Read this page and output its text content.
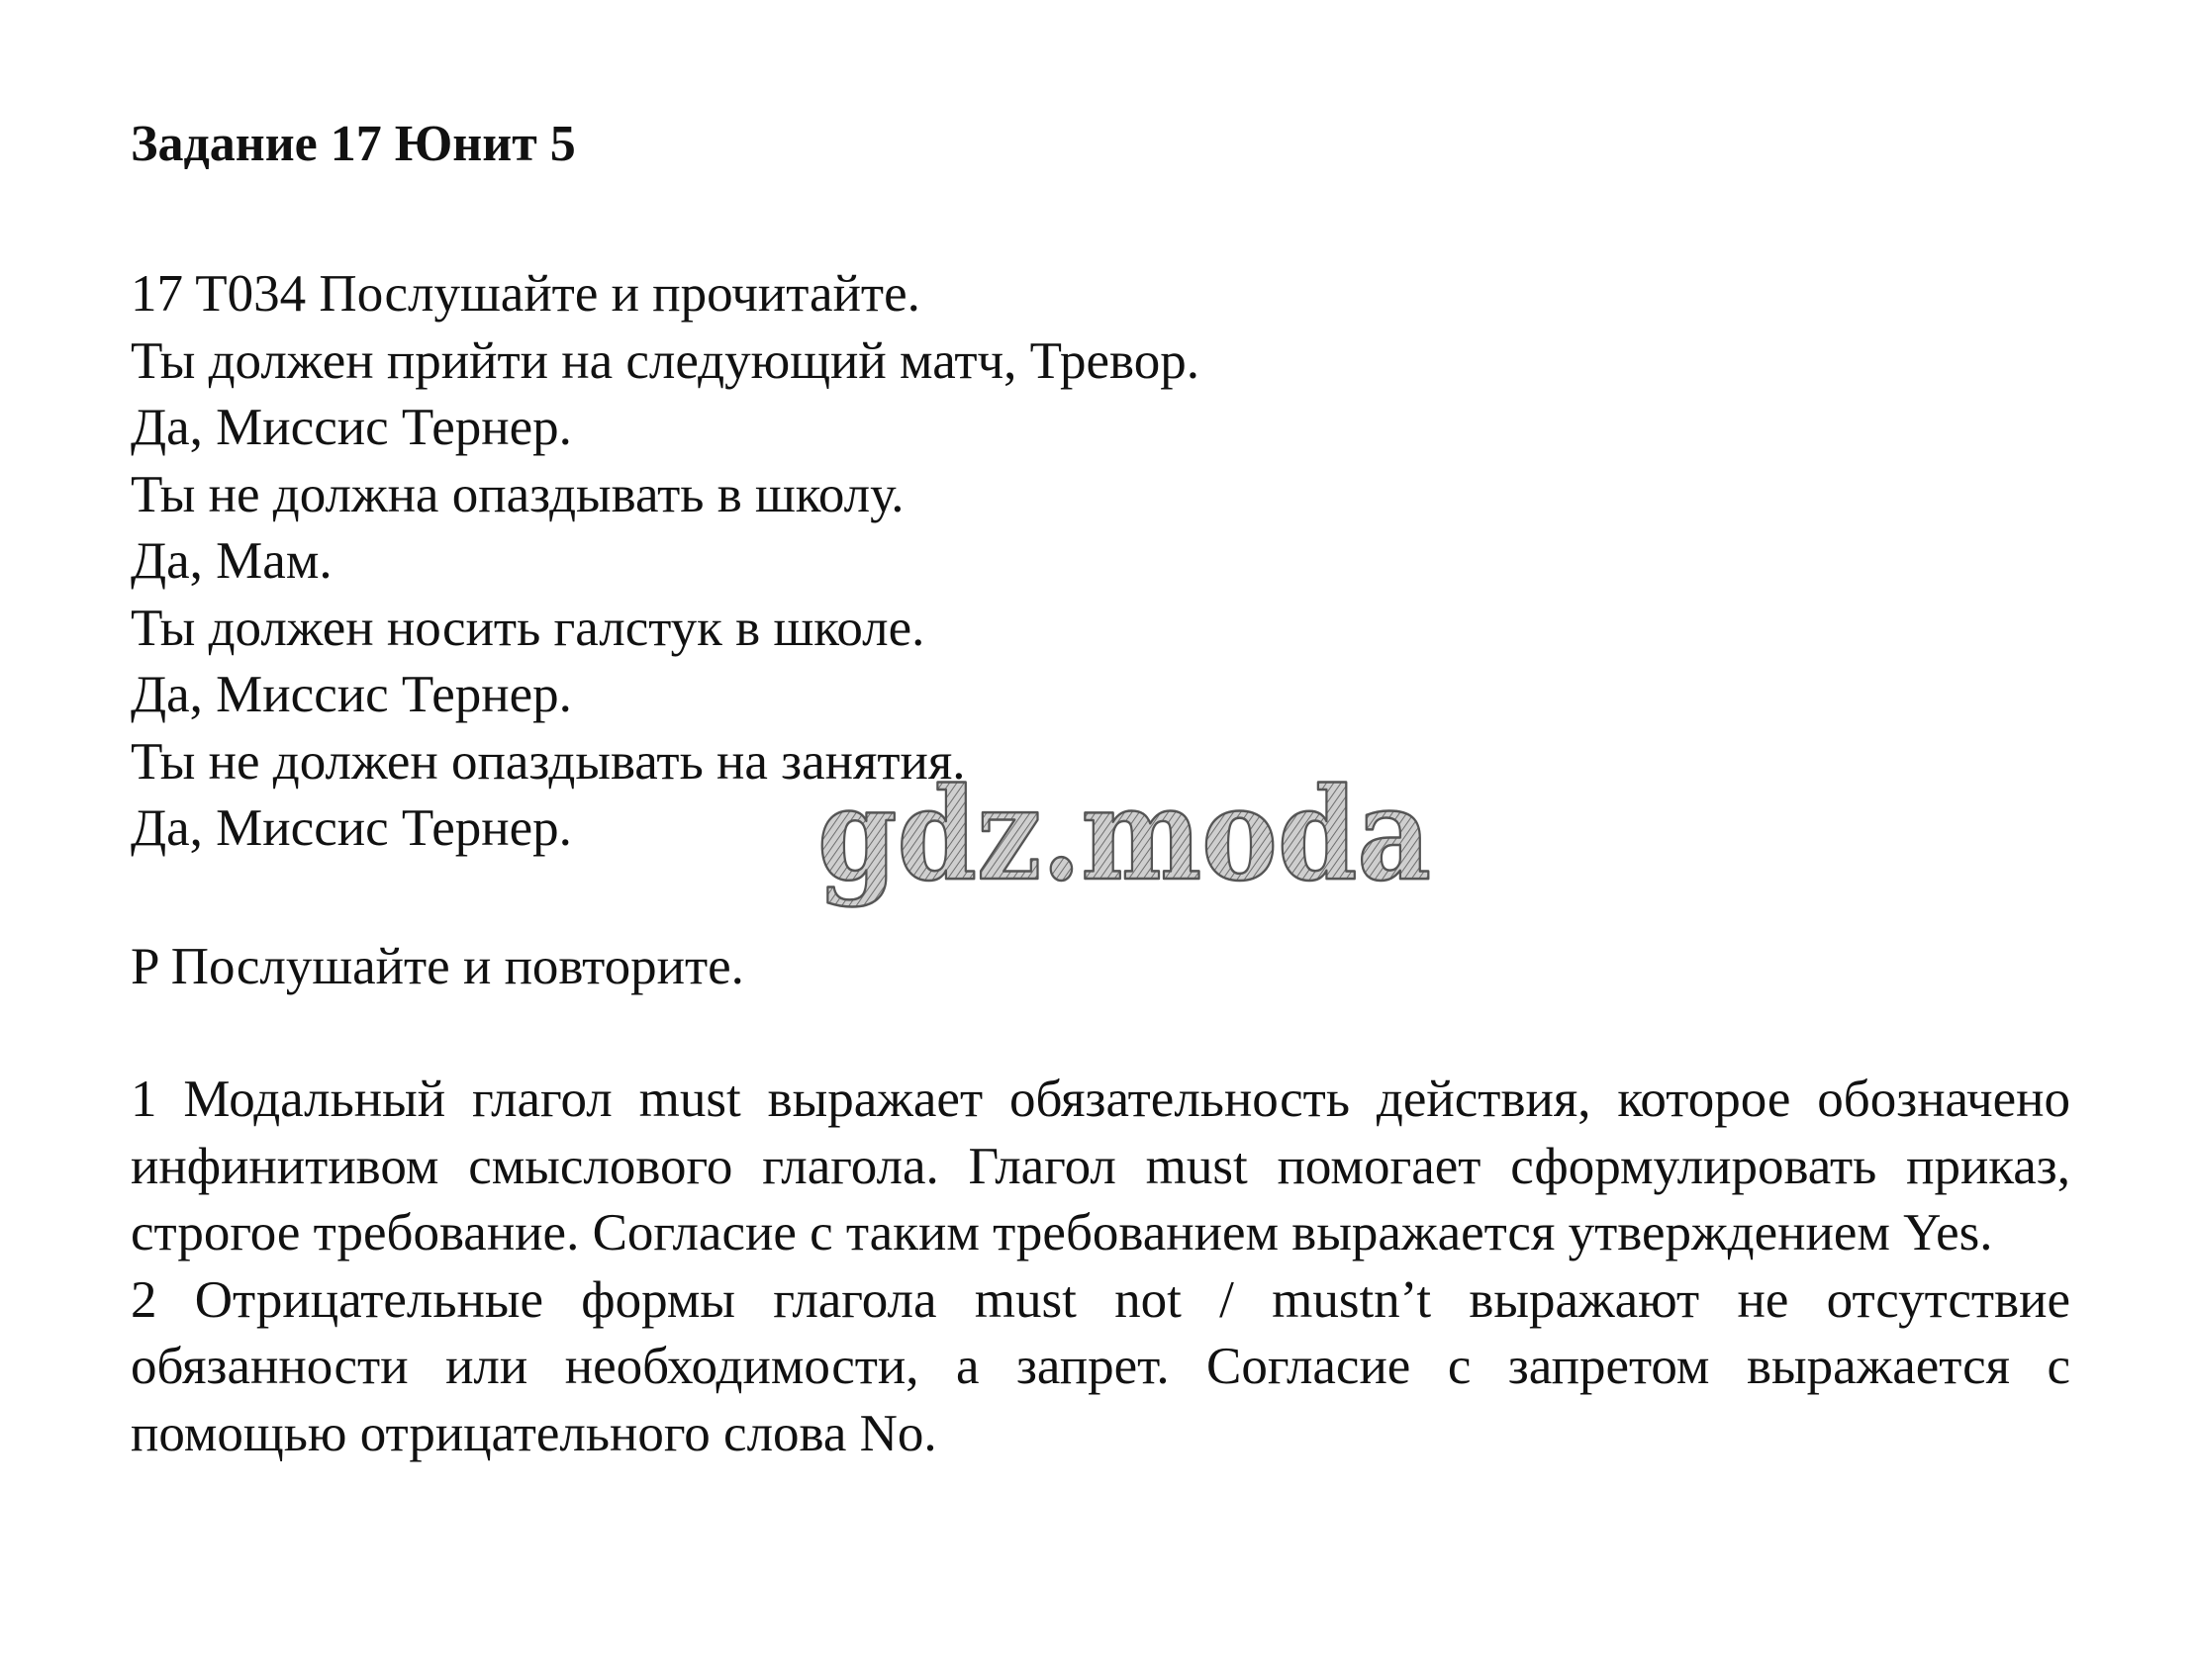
Задание 17 Юнит 5
17 T034 Послушайте и прочитайте.
Ты должен прийти на следующий матч, Тревор.
Да, Миссис Тернер.
Ты не должна опаздывать в школу.
Да, Мам.
Ты должен носить галстук в школе.
Да, Миссис Тернер.
Ты не должен опаздывать на занятия.
Да, Миссис Тернер.	gdz.moda
P Послушайте и повторите.

1 Модальный глагол must выражает обязательность действия, которое обозначено инфинитивом смыслового глагола. Глагол must помогает сформулировать приказ, строгое требование. Согласие с таким требованием выражается утверждением Yes.

2 Отрицательные формы глагола must not / mustn’t выражают не отсутствие обязанности или необходимости, а запрет. Согласие с запретом выражается с помощью отрицательного слова No.
